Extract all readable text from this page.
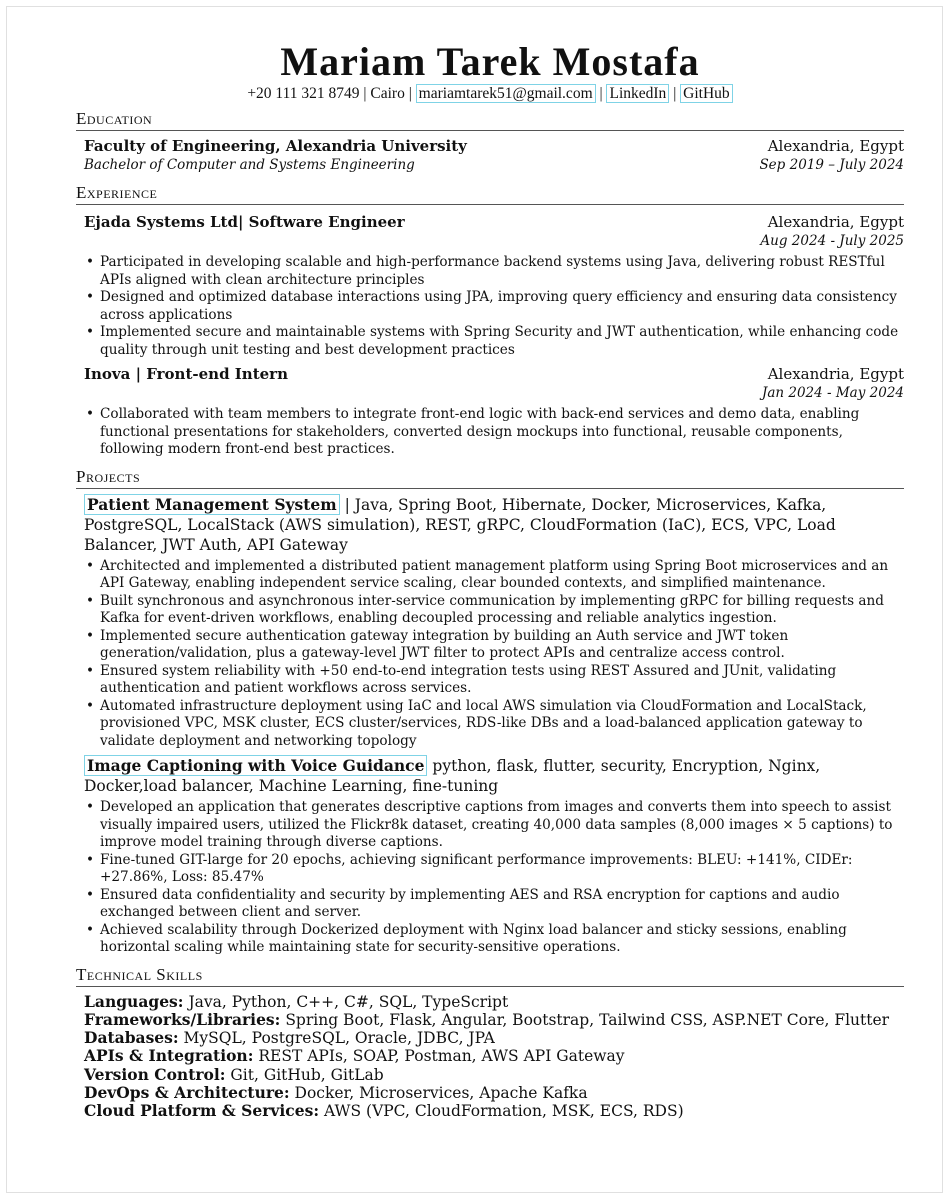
Mariam Tarek Mostafa
+20 111 321 8749 | Cairo | mariamtarek51@gmail.com | LinkedIn | GitHub
Education
Faculty of Engineering, Alexandria University	Alexandria, Egypt
Bachelor of Computer and Systems Engineering	Sep 2019 – July 2024
Experience
Ejada Systems Ltd| Software Engineer	Alexandria, Egypt
Aug 2024 - July 2025
• Participated in developing scalable and high-performance backend systems using Java, delivering robust RESTful APIs aligned with clean architecture principles
• Designed and optimized database interactions using JPA, improving query efficiency and ensuring data consistency across applications
• Implemented secure and maintainable systems with Spring Security and JWT authentication, while enhancing code quality through unit testing and best development practices
Inova | Front-end Intern	Alexandria, Egypt
Jan 2024 - May 2024
• Collaborated with team members to integrate front-end logic with back-end services and demo data, enabling functional presentations for stakeholders, converted design mockups into functional, reusable components, following modern front-end best practices.
Projects
Patient Management System | Java, Spring Boot, Hibernate, Docker, Microservices, Kafka, PostgreSQL, LocalStack (AWS simulation), REST, gRPC, CloudFormation (IaC), ECS, VPC, Load Balancer, JWT Auth, API Gateway
• Architected and implemented a distributed patient management platform using Spring Boot microservices and an API Gateway, enabling independent service scaling, clear bounded contexts, and simplified maintenance.
• Built synchronous and asynchronous inter-service communication by implementing gRPC for billing requests and Kafka for event-driven workflows, enabling decoupled processing and reliable analytics ingestion.
• Implemented secure authentication gateway integration by building an Auth service and JWT token generation/validation, plus a gateway-level JWT filter to protect APIs and centralize access control.
• Ensured system reliability with +50 end-to-end integration tests using REST Assured and JUnit, validating authentication and patient workflows across services.
• Automated infrastructure deployment using IaC and local AWS simulation via CloudFormation and LocalStack, provisioned VPC, MSK cluster, ECS cluster/services, RDS-like DBs and a load-balanced application gateway to validate deployment and networking topology
Image Captioning with Voice Guidance python, flask, flutter, security, Encryption, Nginx, Docker,load balancer, Machine Learning, fine-tuning
• Developed an application that generates descriptive captions from images and converts them into speech to assist visually impaired users, utilized the Flickr8k dataset, creating 40,000 data samples (8,000 images × 5 captions) to improve model training through diverse captions.
• Fine-tuned GIT-large for 20 epochs, achieving significant performance improvements: BLEU: +141%, CIDEr: +27.86%, Loss: 85.47%
• Ensured data confidentiality and security by implementing AES and RSA encryption for captions and audio exchanged between client and server.
• Achieved scalability through Dockerized deployment with Nginx load balancer and sticky sessions, enabling horizontal scaling while maintaining state for security-sensitive operations.
Technical Skills
Languages: Java, Python, C++, C#, SQL, TypeScript
Frameworks/Libraries: Spring Boot, Flask, Angular, Bootstrap, Tailwind CSS, ASP.NET Core, Flutter
Databases: MySQL, PostgreSQL, Oracle, JDBC, JPA
APIs & Integration: REST APIs, SOAP, Postman, AWS API Gateway
Version Control: Git, GitHub, GitLab
DevOps & Architecture: Docker, Microservices, Apache Kafka
Cloud Platform & Services: AWS (VPC, CloudFormation, MSK, ECS, RDS)
